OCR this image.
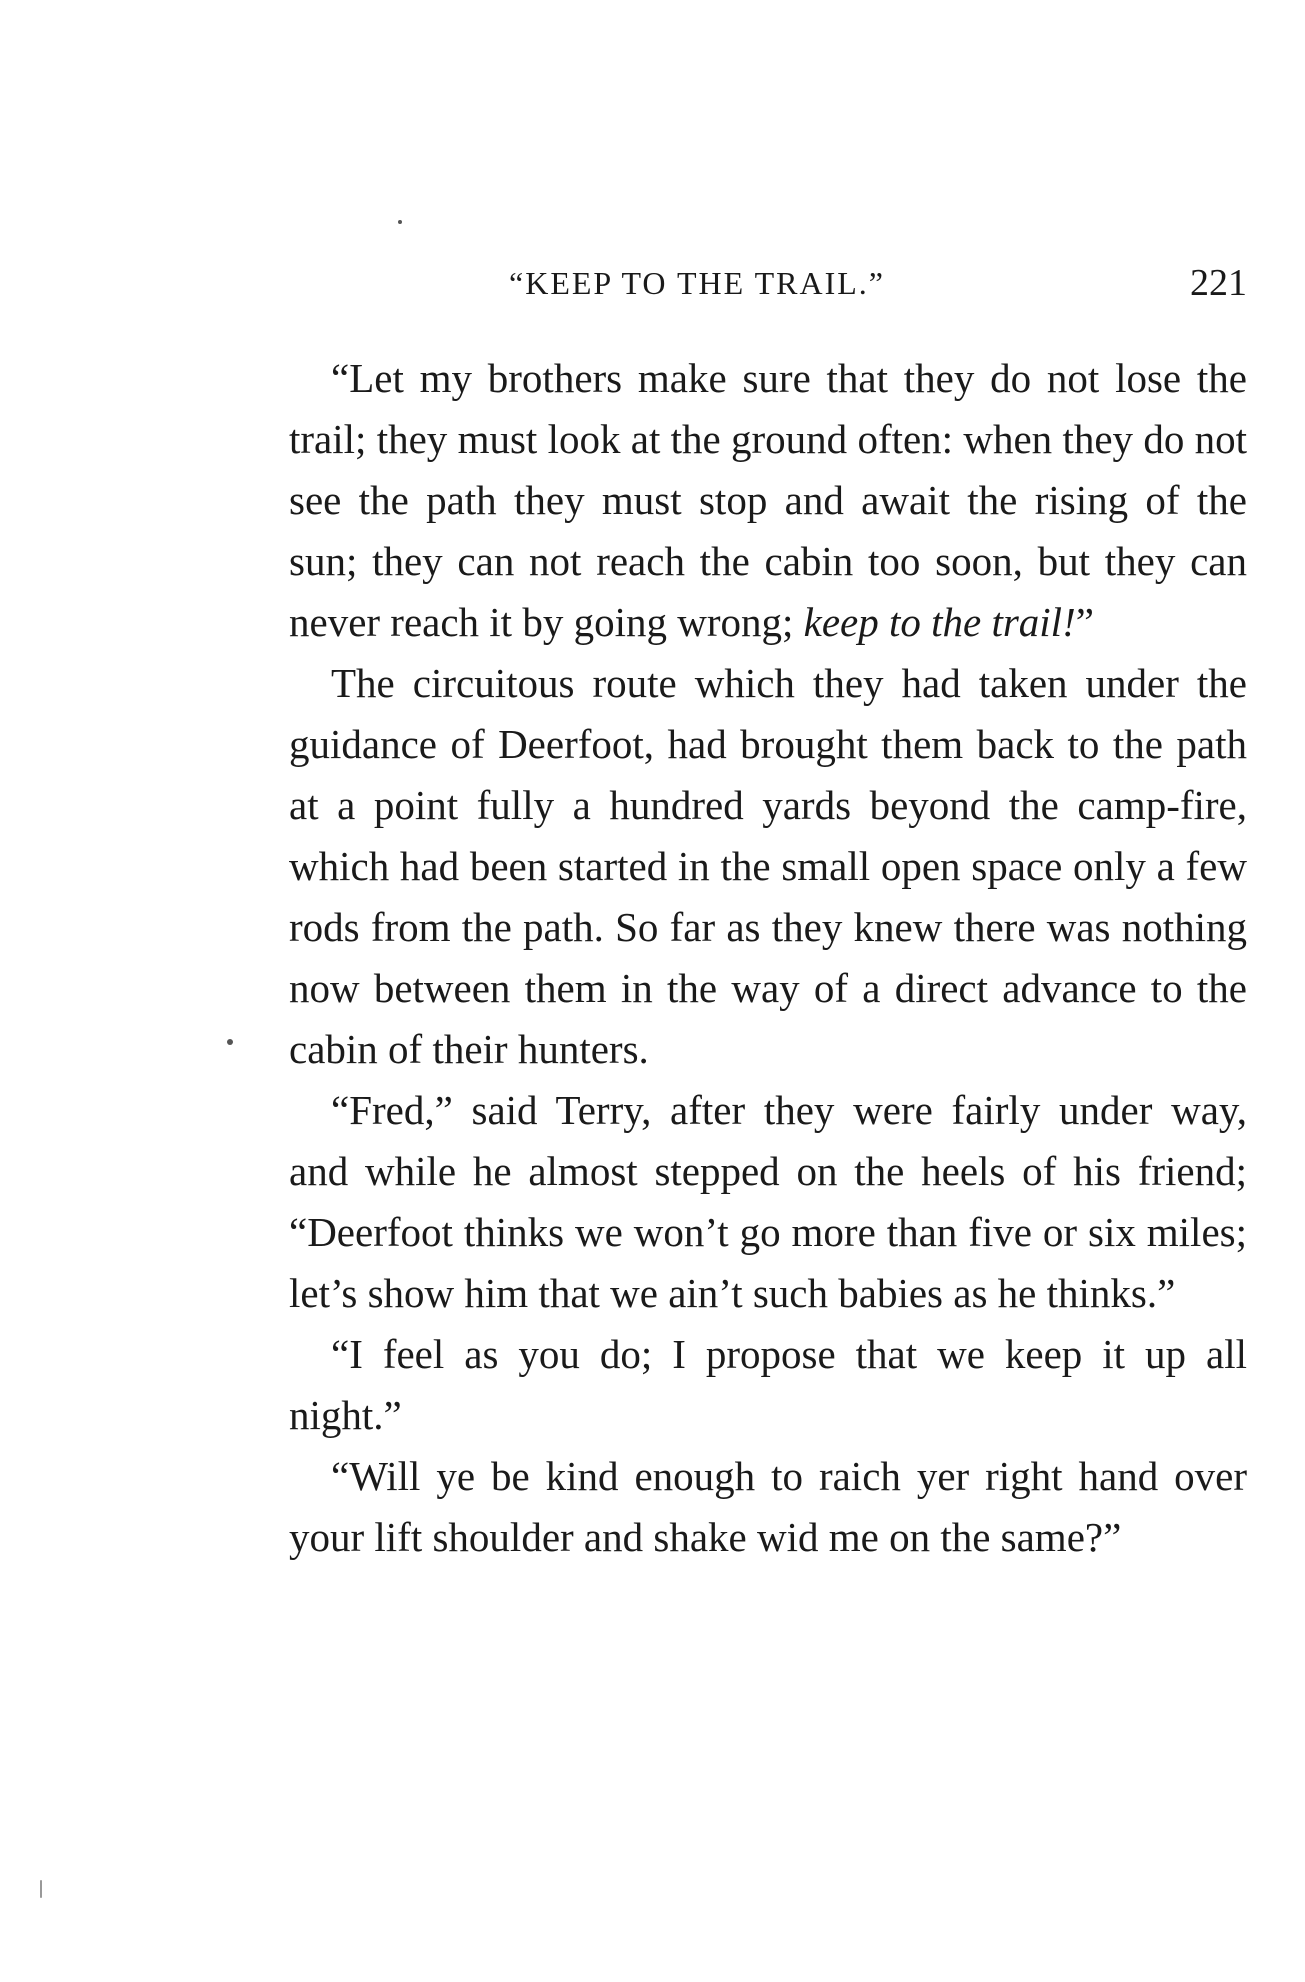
“KEEP TO THE TRAIL.”	221

“Let my brothers make sure that they do not lose the trail; they must look at the ground often: when they do not see the path they must stop and await the rising of the sun; they can not reach the cabin too soon, but they can never reach it by going wrong; keep to the trail!”

The circuitous route which they had taken under the guidance of Deerfoot, had brought them back to the path at a point fully a hundred yards beyond the camp-fire, which had been started in the small open space only a few rods from the path. So far as they knew there was nothing now between them in the way of a direct advance to the cabin of their hunters.

“Fred,” said Terry, after they were fairly under way, and while he almost stepped on the heels of his friend; “Deerfoot thinks we won’t go more than five or six miles; let’s show him that we ain’t such babies as he thinks.”

“I feel as you do; I propose that we keep it up all night.”

“Will ye be kind enough to raich yer right hand over your lift shoulder and shake wid me on the same?”
